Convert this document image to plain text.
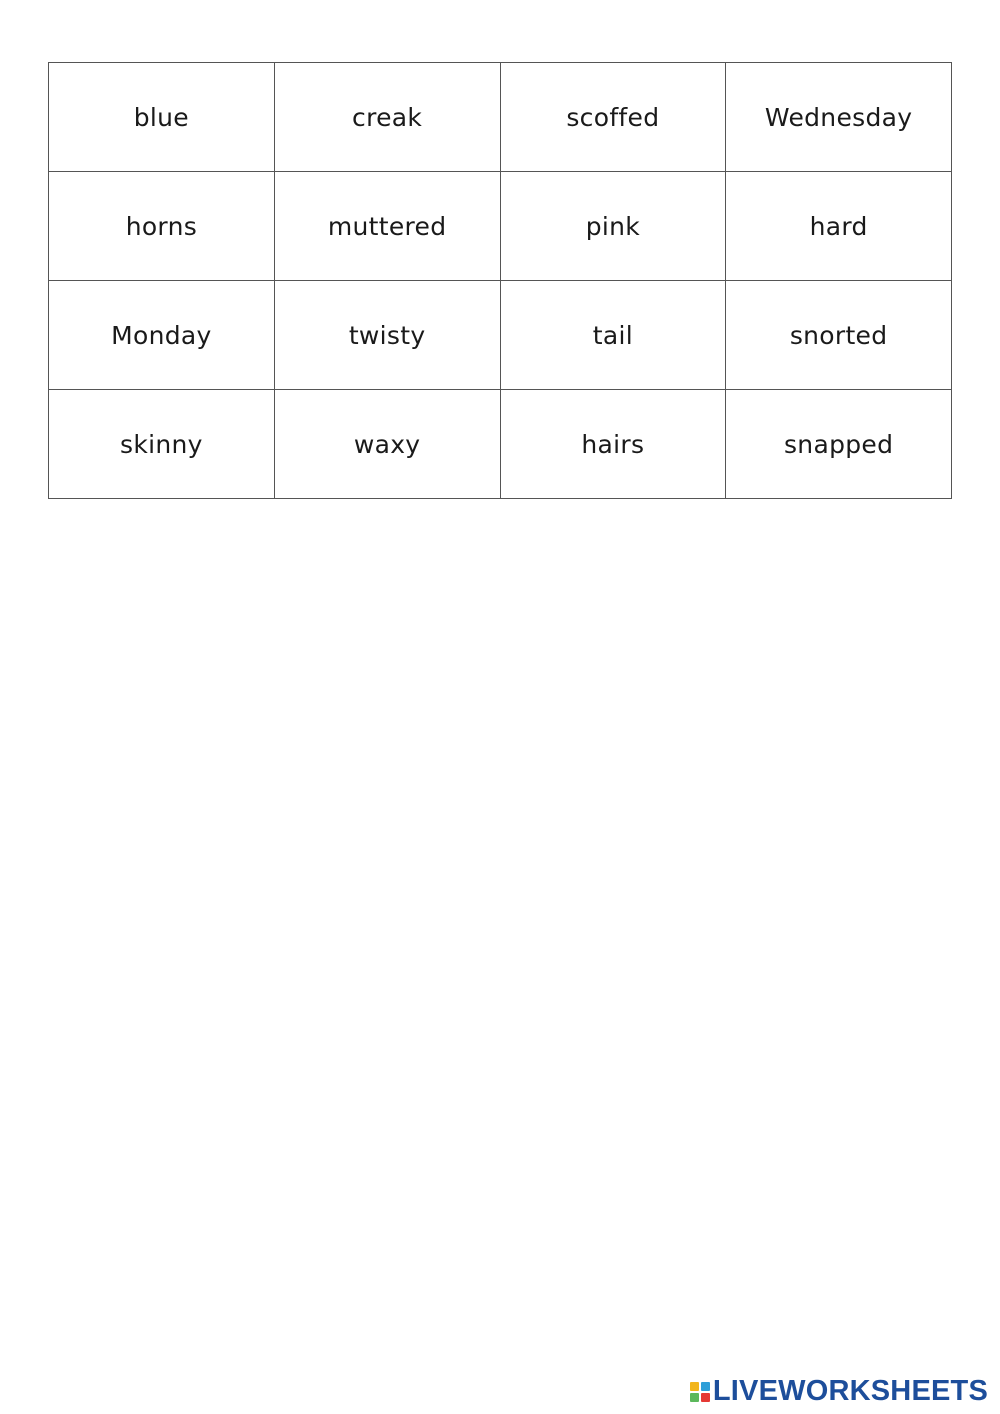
blue	creak	scoffed	Wednesday
horns	muttered	pink	hard
Monday	twisty	tail	snorted
skinny	waxy	hairs	snapped
LIVEWORKSHEETS
